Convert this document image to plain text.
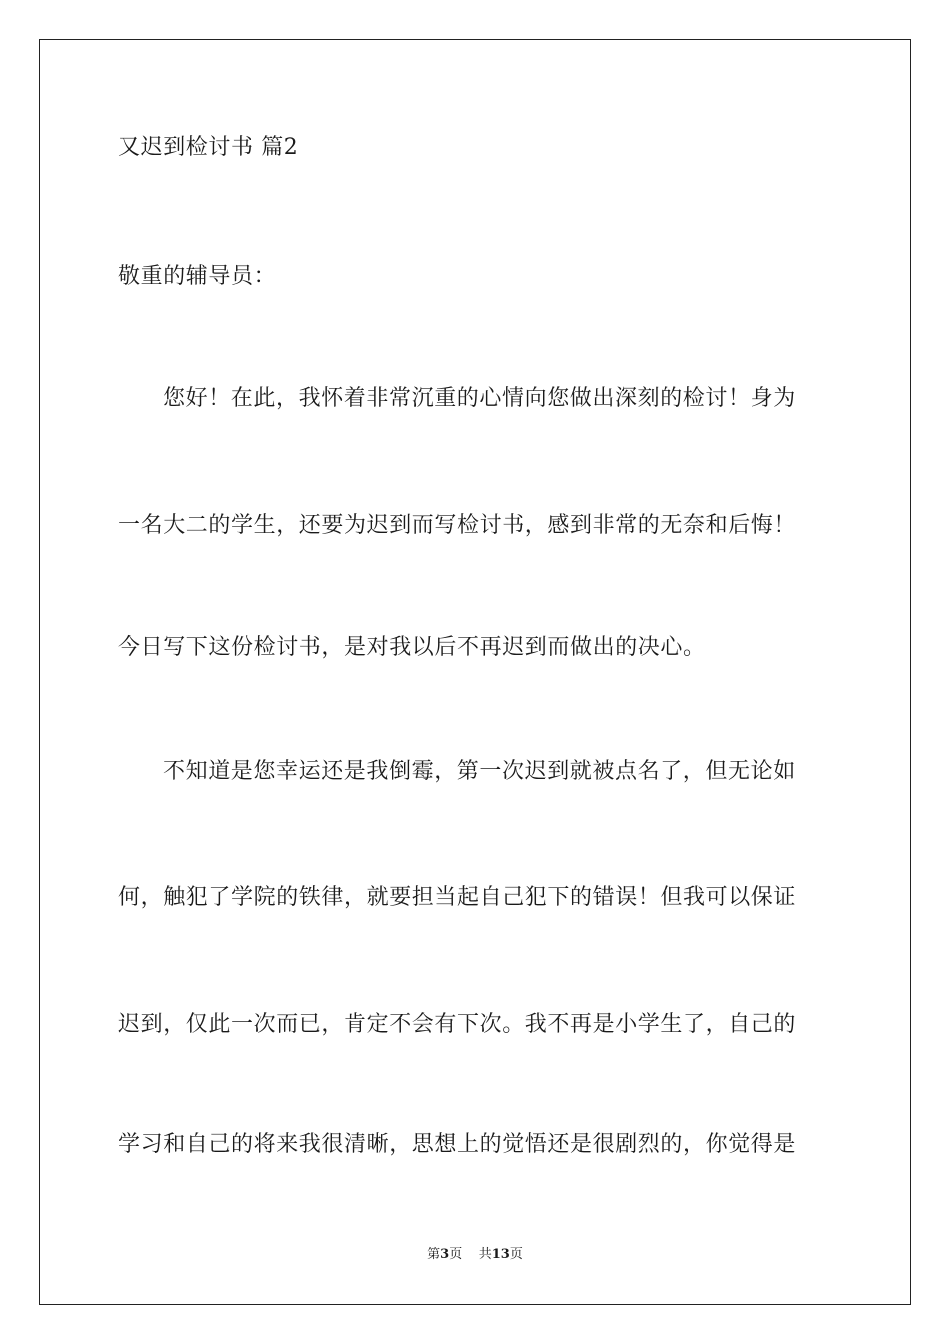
又迟到检讨书 篇2
敬重的辅导员：
您好！在此，我怀着非常沉重的心情向您做出深刻的检讨！身为
一名大二的学生，还要为迟到而写检讨书，感到非常的无奈和后悔！
今日写下这份检讨书，是对我以后不再迟到而做出的决心。
不知道是您幸运还是我倒霉，第一次迟到就被点名了，但无论如
何，触犯了学院的铁律，就要担当起自己犯下的错误！但我可以保证
迟到，仅此一次而已，肯定不会有下次。我不再是小学生了，自己的
学习和自己的将来我很清晰，思想上的觉悟还是很剧烈的，你觉得是
第3页 共13页
